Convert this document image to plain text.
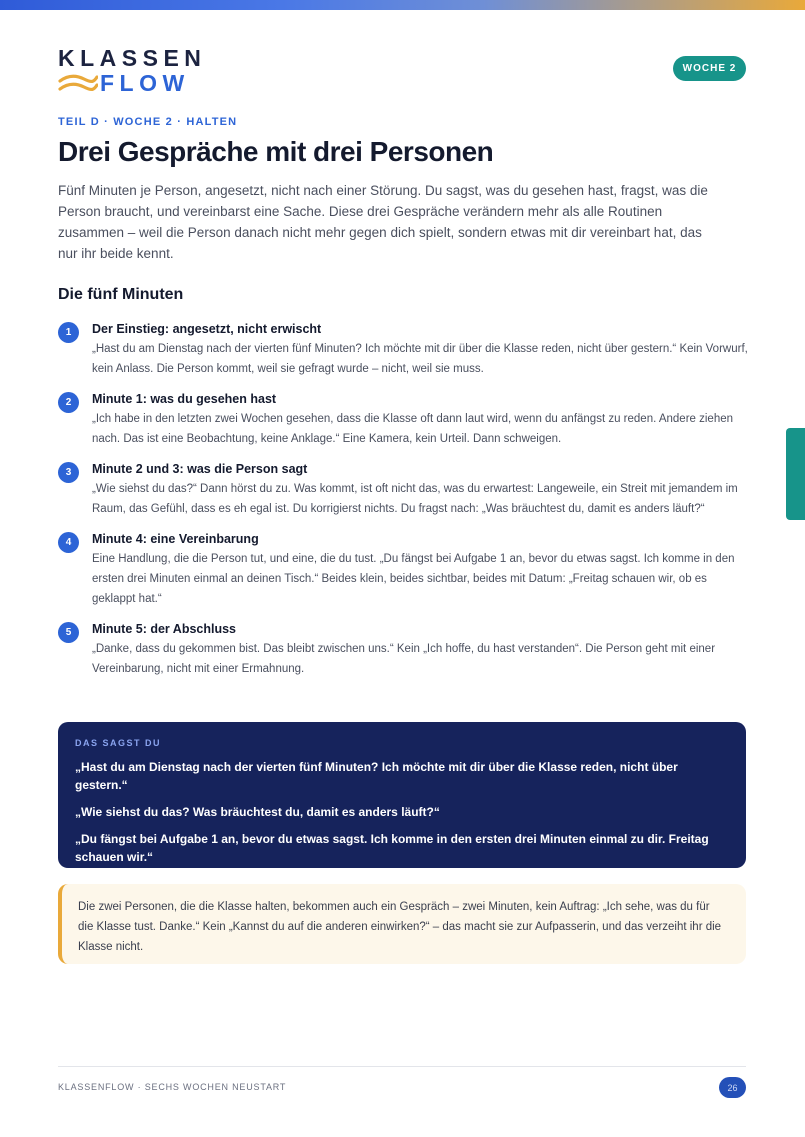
KLASSEN
FLOW
WOCHE 2
TEIL D · WOCHE 2 · HALTEN
Drei Gespräche mit drei Personen

Fünf Minuten je Person, angesetzt, nicht nach einer Störung. Du sagst, was du gesehen hast, fragst, was die Person braucht, und vereinbarst eine Sache. Diese drei Gespräche verändern mehr als alle Routinen zusammen – weil die Person danach nicht mehr gegen dich spielt, sondern etwas mit dir vereinbart hat, das nur ihr beide kennt.

Die fünf Minuten
1	Der Einstieg: angesetzt, nicht erwischt
„Hast du am Dienstag nach der vierten fünf Minuten? Ich möchte mit dir über die Klasse reden, nicht über gestern.“ Kein Vorwurf, kein Anlass. Die Person kommt, weil sie gefragt wurde – nicht, weil sie muss.
2	Minute 1: was du gesehen hast
„Ich habe in den letzten zwei Wochen gesehen, dass die Klasse oft dann laut wird, wenn du anfängst zu reden. Andere ziehen nach. Das ist eine Beobachtung, keine Anklage.“ Eine Kamera, kein Urteil. Dann schweigen.
3	Minute 2 und 3: was die Person sagt
„Wie siehst du das?“ Dann hörst du zu. Was kommt, ist oft nicht das, was du erwartest: Langeweile, ein Streit mit jemandem im Raum, das Gefühl, dass es eh egal ist. Du korrigierst nichts. Du fragst nach: „Was bräuchtest du, damit es anders läuft?“
4	Minute 4: eine Vereinbarung
Eine Handlung, die die Person tut, und eine, die du tust. „Du fängst bei Aufgabe 1 an, bevor du etwas sagst. Ich komme in den ersten drei Minuten einmal an deinen Tisch.“ Beides klein, beides sichtbar, beides mit Datum: „Freitag schauen wir, ob es geklappt hat.“
5	Minute 5: der Abschluss
„Danke, dass du gekommen bist. Das bleibt zwischen uns.“ Kein „Ich hoffe, du hast verstanden“. Die Person geht mit einer Vereinbarung, nicht mit einer Ermahnung.
DAS SAGST DU
„Hast du am Dienstag nach der vierten fünf Minuten? Ich möchte mit dir über die Klasse reden, nicht über gestern.“
„Wie siehst du das? Was bräuchtest du, damit es anders läuft?“
„Du fängst bei Aufgabe 1 an, bevor du etwas sagst. Ich komme in den ersten drei Minuten einmal zu dir. Freitag schauen wir.“
Die zwei Personen, die die Klasse halten, bekommen auch ein Gespräch – zwei Minuten, kein Auftrag: „Ich sehe, was du für die Klasse tust. Danke.“ Kein „Kannst du auf die anderen einwirken?“ – das macht sie zur Aufpasserin, und das verzeiht ihr die Klasse nicht.
KLASSENFLOW · SECHS WOCHEN NEUSTART	26
